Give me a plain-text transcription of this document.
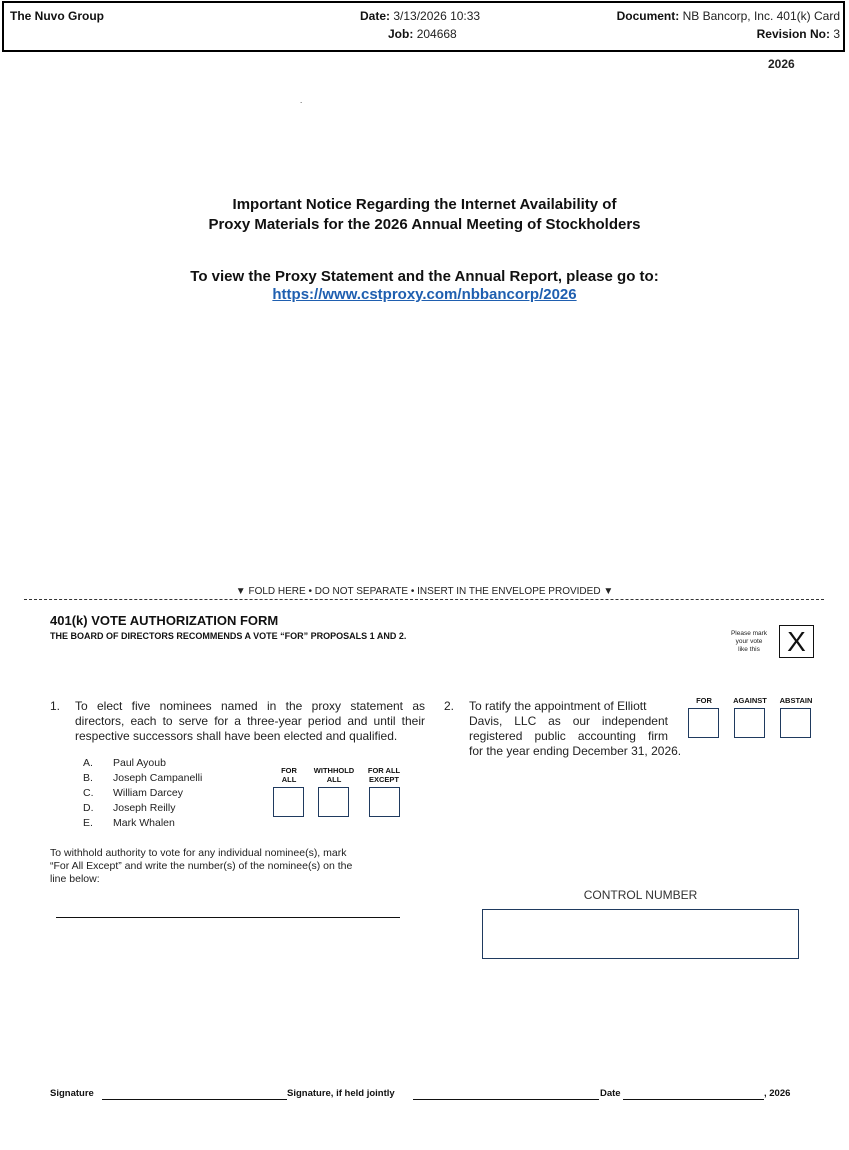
The Nuvo Group	Date: 3/13/2026 10:33
Job: 204668
Document: NB Bancorp, Inc. 401(k) Card
Revision No: 3
2026
.
Important Notice Regarding the Internet Availability of
Proxy Materials for the 2026 Annual Meeting of Stockholders
To view the Proxy Statement and the Annual Report, please go to:
https://www.cstproxy.com/nbbancorp/2026
▼ FOLD HERE • DO NOT SEPARATE • INSERT IN THE ENVELOPE PROVIDED ▼
401(k) VOTE AUTHORIZATION FORM
THE BOARD OF DIRECTORS RECOMMENDS A VOTE “FOR” PROPOSALS 1 AND 2.	Please mark
your vote
like this X
1. To elect five nominees named in the proxy statement as
directors, each to serve for a three-year period and until their
respective successors shall have been elected and qualified.
A. Paul Ayoub
B. Joseph Campanelli
C. William Darcey
D. Joseph Reilly
E. Mark Whalen
FOR
ALL
WITHHOLD
ALL
FOR ALL
EXCEPT
2. To ratify the appointment of Elliott
Davis, LLC as our independent
registered public accounting firm
for the year ending December 31, 2026.
FOR	AGAINST	ABSTAIN
To withhold authority to vote for any individual nominee(s), mark
“For All Except” and write the number(s) of the nominee(s) on the
line below:
CONTROL NUMBER
Signature	Signature, if held jointly	Date	, 2026
